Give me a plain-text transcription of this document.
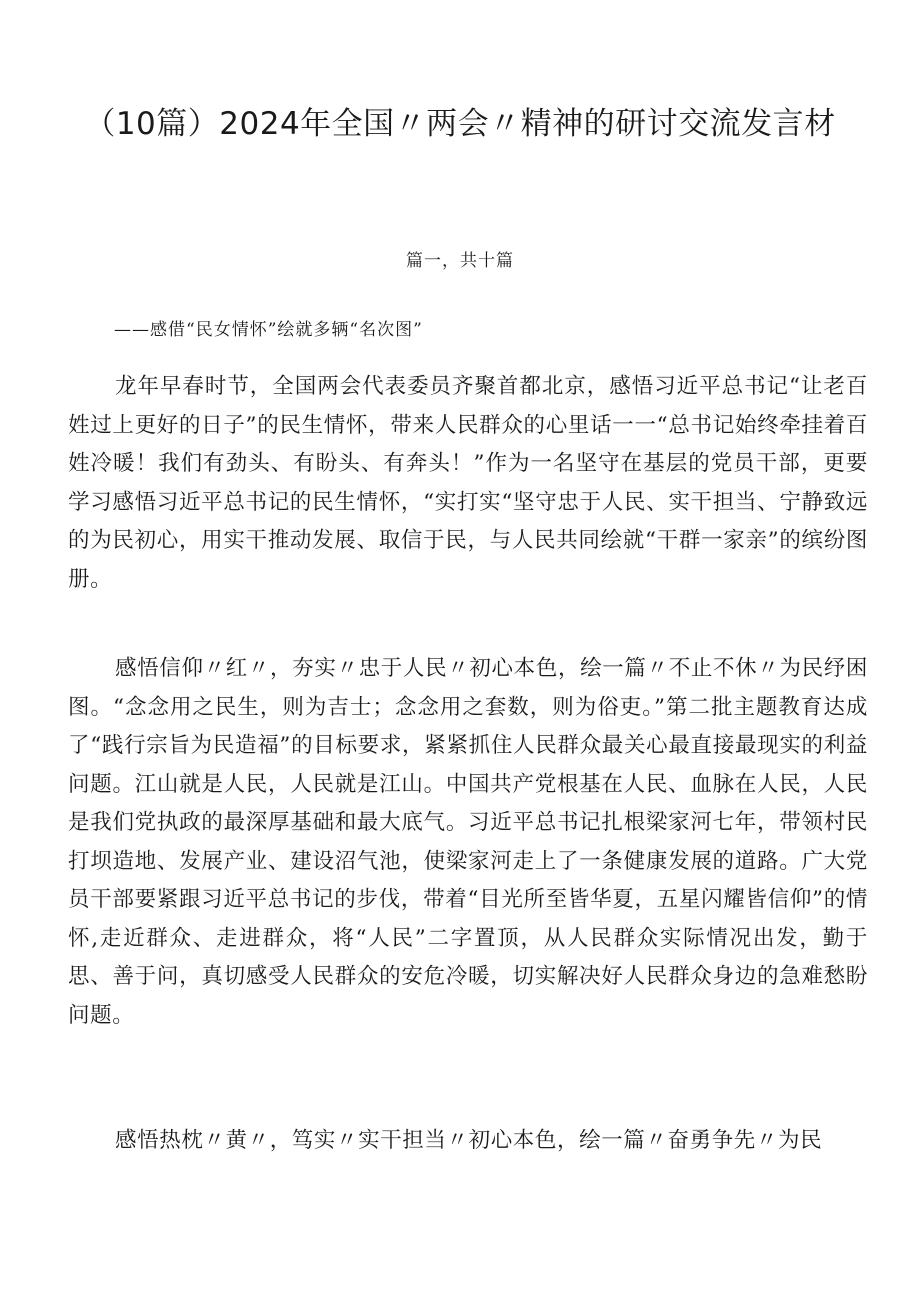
（10篇）2024年全国〃两会〃精神的研讨交流发言材
篇一，共十篇
——感借“民女情怀”绘就多辆“名次图”

龙年早春时节，全国两会代表委员齐聚首都北京，感悟习近平总书记“让老百姓过上更好的日子”的民生情怀，带来人民群众的心里话一一“总书记始终牵挂着百姓冷暖！我们有劲头、有盼头、有奔头！”作为一名坚守在基层的党员干部，更要学习感悟习近平总书记的民生情怀，“实打实“坚守忠于人民、实干担当、宁静致远的为民初心，用实干推动发展、取信于民，与人民共同绘就“干群一家亲”的缤纷图册。

感悟信仰〃红〃，夯实〃忠于人民〃初心本色，绘一篇〃不止不休〃为民纾困图。“念念用之民生，则为吉士；念念用之套数，则为俗吏。”第二批主题教育达成了“践行宗旨为民造福”的目标要求，紧紧抓住人民群众最关心最直接最现实的利益问题。江山就是人民，人民就是江山。中国共产党根基在人民、血脉在人民，人民是我们党执政的最深厚基础和最大底气。习近平总书记扎根梁家河七年，带领村民打坝造地、发展产业、建设沼气池，使梁家河走上了一条健康发展的道路。广大党员干部要紧跟习近平总书记的步伐，带着“目光所至皆华夏，五星闪耀皆信仰”的情怀,走近群众、走进群众，将“人民”二字置顶，从人民群众实际情况出发，勤于思、善于问，真切感受人民群众的安危冷暖，切实解决好人民群众身边的急难愁盼问题。

感悟热枕〃黄〃，笃实〃实干担当〃初心本色，绘一篇〃奋勇争先〃为民
